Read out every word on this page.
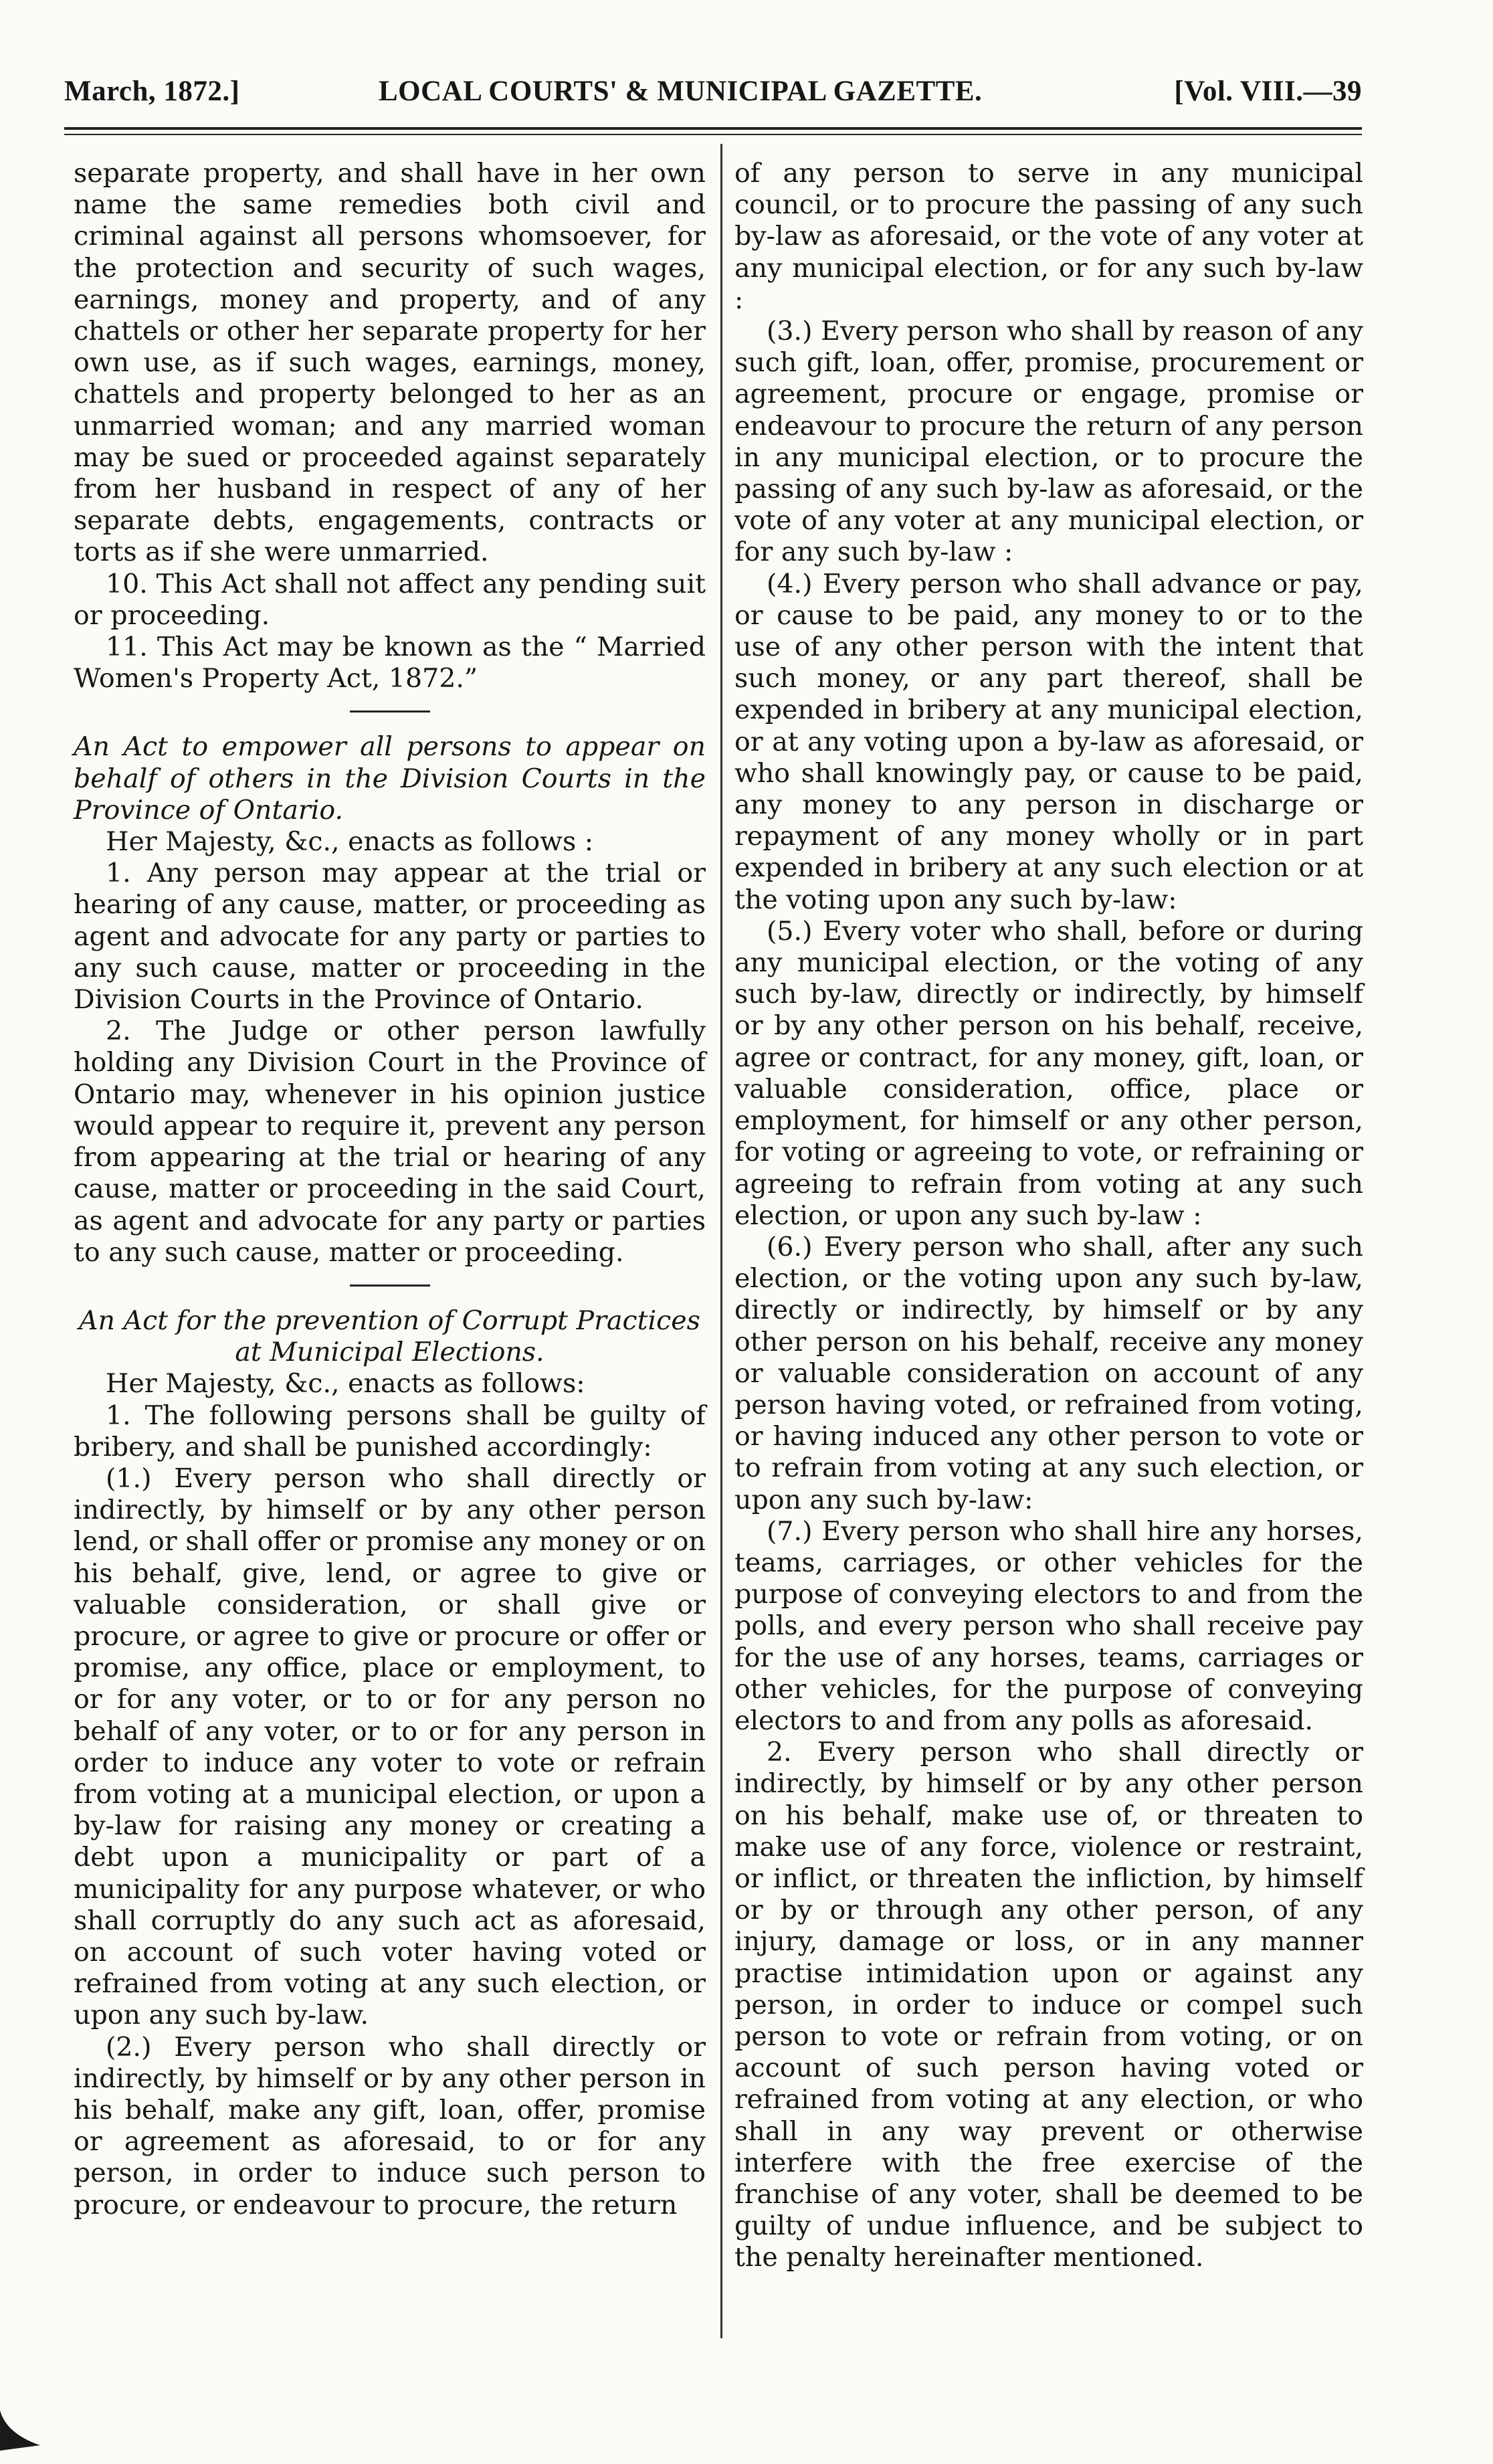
March, 1872.]	LOCAL COURTS' & MUNICIPAL GAZETTE.	[Vol. VIII.—39

separate property, and shall have in her own name the same remedies both civil and criminal against all persons whomsoever, for the protection and security of such wages, earnings, money and property, and of any chattels or other her separate property for her own use, as if such wages, earnings, money, chattels and property belonged to her as an unmarried woman; and any married woman may be sued or proceeded against separately from her husband in respect of any of her separate debts, engagements, contracts or torts as if she were unmarried.

10. This Act shall not affect any pending suit or proceeding.

11. This Act may be known as the “ Married Women's Property Act, 1872.”

An Act to empower all persons to appear on behalf of others in the Division Courts in the Province of Ontario.

Her Majesty, &c., enacts as follows :

1. Any person may appear at the trial or hearing of any cause, matter, or proceeding as agent and advocate for any party or parties to any such cause, matter or proceeding in the Division Courts in the Province of Ontario.

2. The Judge or other person lawfully holding any Division Court in the Province of Ontario may, whenever in his opinion justice would appear to require it, prevent any person from appearing at the trial or hearing of any cause, matter or proceeding in the said Court, as agent and advocate for any party or parties to any such cause, matter or proceeding.

An Act for the prevention of Corrupt Practices at Municipal Elections.

Her Majesty, &c., enacts as follows:

1. The following persons shall be guilty of bribery, and shall be punished accordingly:

(1.) Every person who shall directly or indirectly, by himself or by any other person lend, or shall offer or promise any money or on his behalf, give, lend, or agree to give or valuable consideration, or shall give or procure, or agree to give or procure or offer or promise, any office, place or employment, to or for any voter, or to or for any person no behalf of any voter, or to or for any person in order to induce any voter to vote or refrain from voting at a municipal election, or upon a by-law for raising any money or creating a debt upon a municipality or part of a municipality for any purpose whatever, or who shall corruptly do any such act as aforesaid, on account of such voter having voted or refrained from voting at any such election, or upon any such by-law.

(2.) Every person who shall directly or indirectly, by himself or by any other person in his behalf, make any gift, loan, offer, promise or agreement as aforesaid, to or for any person, in order to induce such person to procure, or endeavour to procure, the return

of any person to serve in any municipal council, or to procure the passing of any such by-law as aforesaid, or the vote of any voter at any municipal election, or for any such by-law :

(3.) Every person who shall by reason of any such gift, loan, offer, promise, procurement or agreement, procure or engage, promise or endeavour to procure the return of any person in any municipal election, or to procure the passing of any such by-law as aforesaid, or the vote of any voter at any municipal election, or for any such by-law :

(4.) Every person who shall advance or pay, or cause to be paid, any money to or to the use of any other person with the intent that such money, or any part thereof, shall be expended in bribery at any municipal election, or at any voting upon a by-law as aforesaid, or who shall knowingly pay, or cause to be paid, any money to any person in discharge or repayment of any money wholly or in part expended in bribery at any such election or at the voting upon any such by-law:

(5.) Every voter who shall, before or during any municipal election, or the voting of any such by-law, directly or indirectly, by himself or by any other person on his behalf, receive, agree or contract, for any money, gift, loan, or valuable consideration, office, place or employment, for himself or any other person, for voting or agreeing to vote, or refraining or agreeing to refrain from voting at any such election, or upon any such by-law :

(6.) Every person who shall, after any such election, or the voting upon any such by-law, directly or indirectly, by himself or by any other person on his behalf, receive any money or valuable consideration on account of any person having voted, or refrained from voting, or having induced any other person to vote or to refrain from voting at any such election, or upon any such by-law:

(7.) Every person who shall hire any horses, teams, carriages, or other vehicles for the purpose of conveying electors to and from the polls, and every person who shall receive pay for the use of any horses, teams, carriages or other vehicles, for the purpose of conveying electors to and from any polls as aforesaid.

2. Every person who shall directly or indirectly, by himself or by any other person on his behalf, make use of, or threaten to make use of any force, violence or restraint, or inflict, or threaten the infliction, by himself or by or through any other person, of any injury, damage or loss, or in any manner practise intimidation upon or against any person, in order to induce or compel such person to vote or refrain from voting, or on account of such person having voted or refrained from voting at any election, or who shall in any way prevent or otherwise interfere with the free exercise of the franchise of any voter, shall be deemed to be guilty of undue influence, and be subject to the penalty hereinafter mentioned.
